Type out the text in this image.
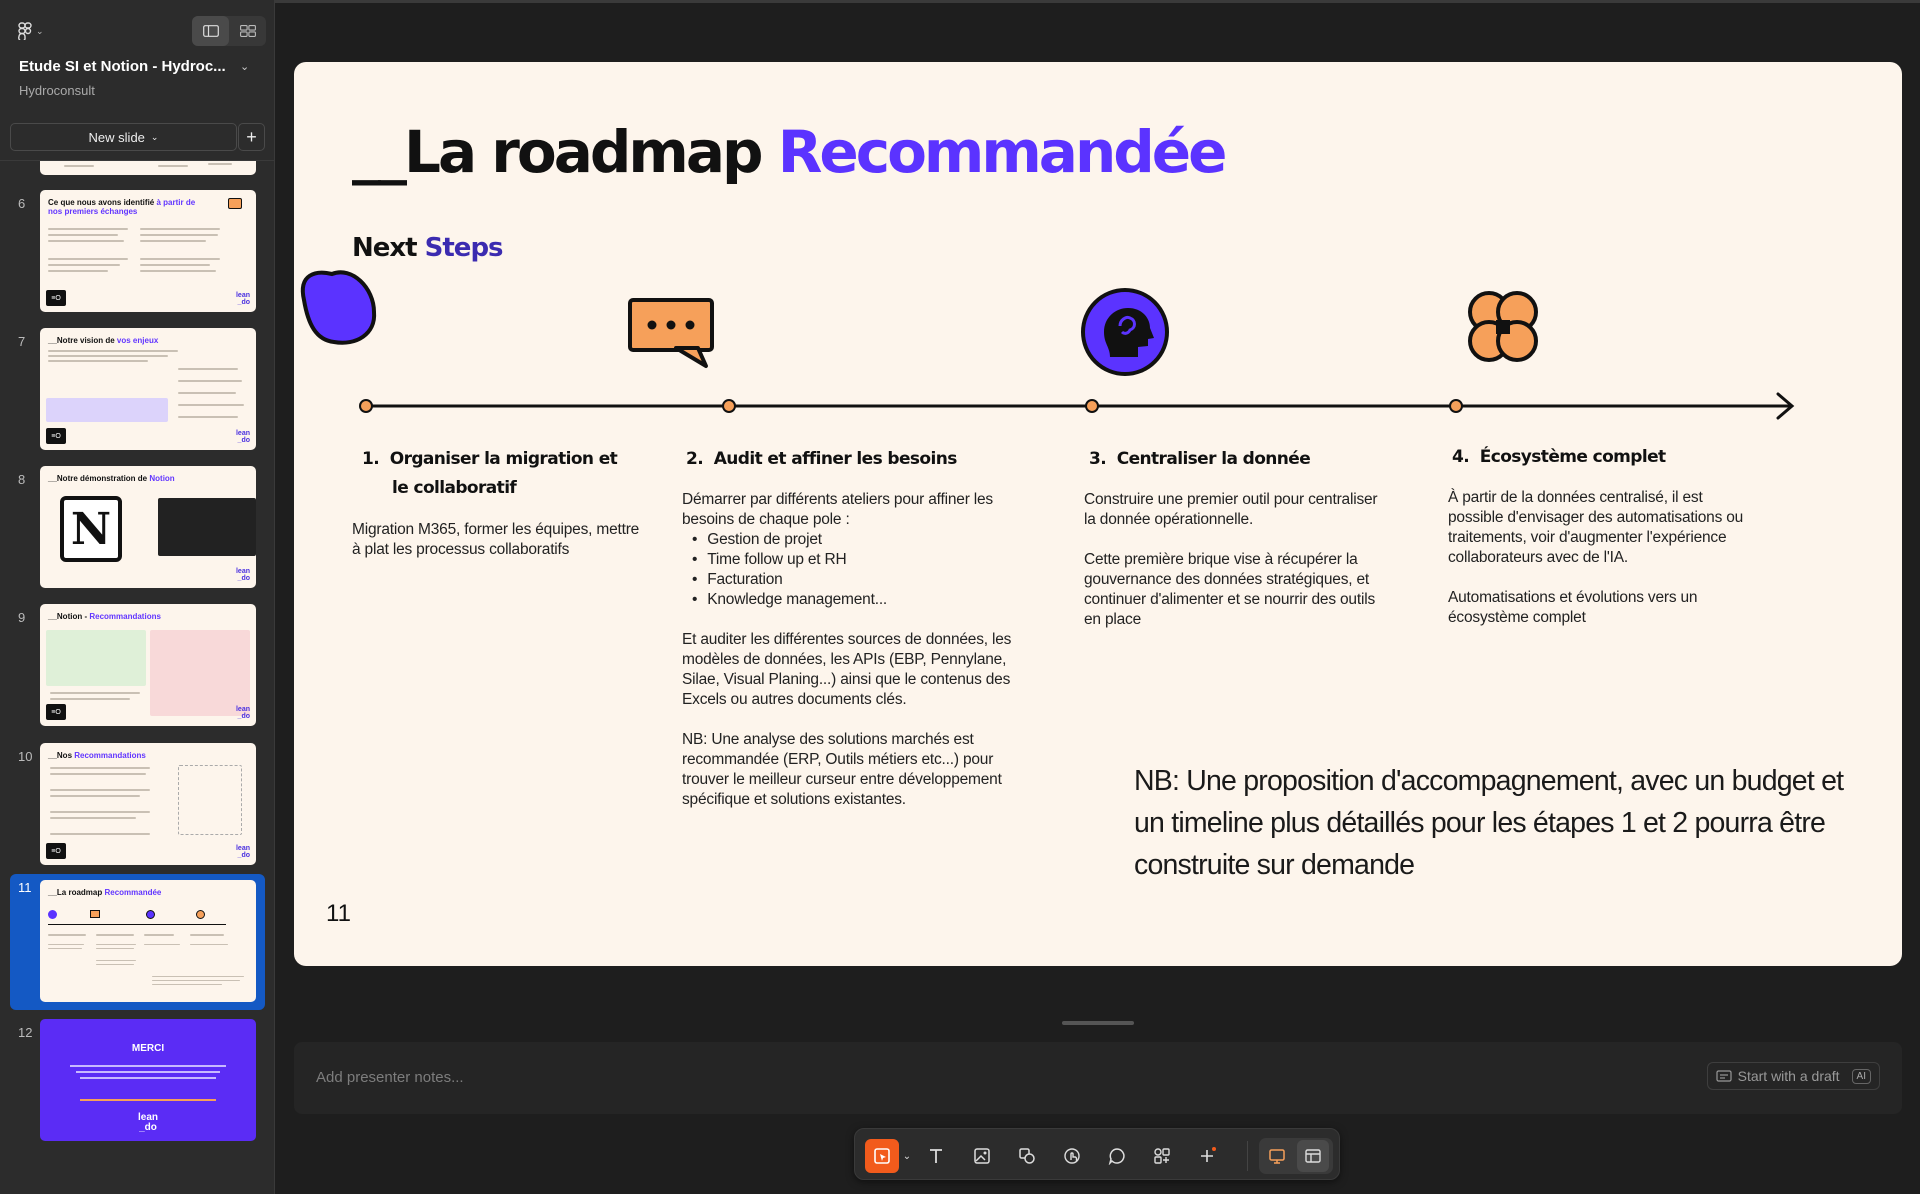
⌄
Etude SI et Notion - Hydroc...	⌄
Hydroconsult
New slide ⌄	+
6	Ce que nous avons identifié à partir de nos premiers échanges
≡O	lean
_do
7	__Notre vision de vos enjeux
≡O	lean
_do
8	__Notre démonstration de Notion
N
lean
_do
9	__Notion - Recommandations
≡O	lean
_do
10 __Nos Recommandations
≡O	lean
_do
11 __La roadmap Recommandée
12
MERCI
lean
_do
__La roadmap Recommandée
Next Steps
1.  Organiser la migration et
le collaboratif
Migration M365, former les équipes, mettre à plat les processus collaboratifs
2.  Audit et affiner les besoins
Démarrer par différents ateliers pour affiner les besoins de chaque pole :
• Gestion de projet
• Time follow up et RH
• Facturation
• Knowledge management...

Et auditer les différentes sources de données, les modèles de données, les APIs (EBP, Pennylane, Silae, Visual Planing...) ainsi que le contenus des Excels ou autres documents clés.

NB: Une analyse des solutions marchés est recommandée (ERP, Outils métiers etc...) pour trouver le meilleur curseur entre développement spécifique et solutions existantes.

3.  Centraliser la donnée

Construire une premier outil pour centraliser la donnée opérationnelle.

Cette première brique vise à récupérer la gouvernance des données stratégiques, et continuer d'alimenter et se nourrir des outils en place

4.  Écosystème complet

À partir de la données centralisé, il est possible d'envisager des automatisations ou traitements, voir d'augmenter l'expérience collaborateurs avec de l'IA.

Automatisations et évolutions vers un écosystème complet

NB: Une proposition d'accompagnement, avec un budget et un timeline plus détaillés pour les étapes 1 et 2 pourra être construite sur demande
11
Add presenter notes...	Start with a draft	AI
⌄
